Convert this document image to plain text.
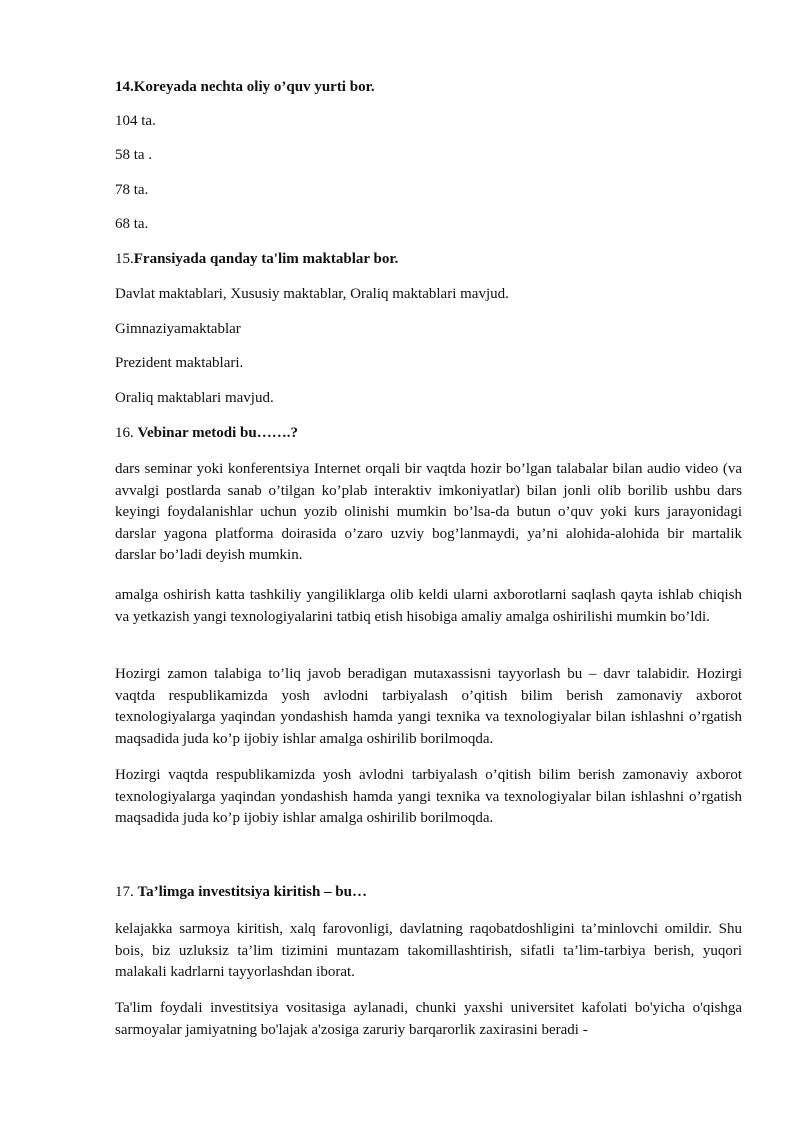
14.Koreyada nechta oliy o’quv yurti bor.
104 ta.
58 ta .
78 ta.
68 ta.
15.Fransiyada qanday ta'lim maktablar bor.
Davlat maktablari, Xususiy maktablar, Oraliq maktablari mavjud.
Gimnaziyamaktablar
Prezident maktablari.
Oraliq maktablari mavjud.
16. Vebinar metodi bu…….?

dars seminar yoki konferentsiya Internet orqali bir vaqtda hozir bo’lgan talabalar bilan audio video (va avvalgi postlarda sanab o’tilgan ko’plab interaktiv imkoniyatlar) bilan jonli olib borilib ushbu dars keyingi foydalanishlar uchun yozib olinishi mumkin bo’lsa-da butun o’quv yoki kurs jarayonidagi darslar yagona platforma doirasida o’zaro uzviy bog’lanmaydi, ya’ni alohida-alohida bir martalik darslar bo’ladi deyish mumkin.

amalga oshirish katta tashkiliy yangiliklarga olib keldi ularni axborotlarni saqlash qayta ishlab chiqish va yetkazish yangi texnologiyalarini tatbiq etish hisobiga amaliy amalga oshirilishi mumkin bo’ldi.

Hozirgi zamon talabiga to’liq javob beradigan mutaxassisni tayyorlash bu – davr talabidir. Hozirgi vaqtda respublikamizda yosh avlodni tarbiyalash o’qitish bilim berish zamonaviy axborot texnologiyalarga yaqindan yondashish hamda yangi texnika va texnologiyalar bilan ishlashni o’rgatish maqsadida juda ko’p ijobiy ishlar amalga oshirilib borilmoqda.

Hozirgi vaqtda respublikamizda yosh avlodni tarbiyalash o’qitish bilim berish zamonaviy axborot texnologiyalarga yaqindan yondashish hamda yangi texnika va texnologiyalar bilan ishlashni o’rgatish maqsadida juda ko’p ijobiy ishlar amalga oshirilib borilmoqda.

17. Ta’limga investitsiya kiritish – bu…

kelajakka sarmoya kiritish, xalq farovonligi, davlatning raqobatdoshligini ta’minlovchi omildir. Shu bois, biz uzluksiz ta’lim tizimini muntazam takomillashtirish, sifatli ta’lim-tarbiya berish, yuqori malakali kadrlarni tayyorlashdan iborat.

Ta'lim foydali investitsiya vositasiga aylanadi, chunki yaxshi universitet kafolati bo'yicha o'qishga sarmoyalar jamiyatning bo'lajak a'zosiga zaruriy barqarorlik zaxirasini beradi -
